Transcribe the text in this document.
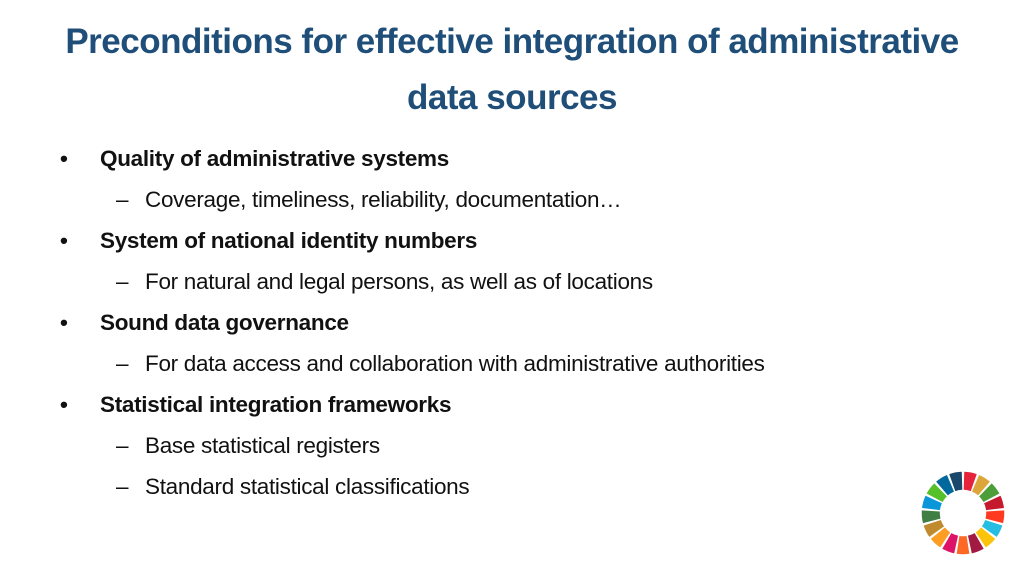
Preconditions for effective integration of administrative data sources
•	Quality of administrative systems
– Coverage, timeliness, reliability, documentation…
•	System of national identity numbers
– For natural and legal persons, as well as of locations
•	Sound data governance
– For data access and collaboration with administrative authorities
•	Statistical integration frameworks
– Base statistical registers
– Standard statistical classifications
